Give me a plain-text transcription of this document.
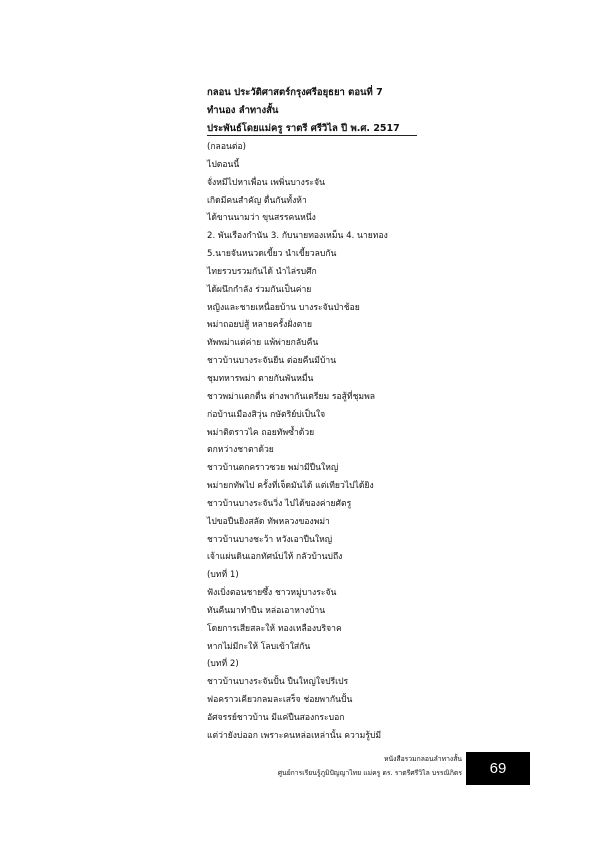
กลอน ประวัติศาสตร์กรุงศรีอยุธยา ตอนที่ 7
ทำนอง ลำทางสั้น
ประพันธ์โดยแม่ครู ราตรี ศรีวิไล ปี พ.ศ. 2517
(กลอนต่อ)
ไปตอนนี้
จั่งหมีไปหาเพื่อน เพพิ่นบางระจัน
เกิดมีคนสำคัญ ตื่นกันทั้งห้า
ได้ขานนามว่า ขุนสรรคนหนึ่ง
2. พันเรืองกำนัน 3. กับนายทองเหม็น 4. นายทอง
5.นายจันหนวดเขี้ยว นำเขี้ยวลบกัน
ไทยรวบรวมกันได้ นำไล่รบศึก
ได้ผนึกกำลัง ร่วมกันเป็นค่าย
หญิงและชายเหนื่อยบ้าน บางระจันป่าช้อย
พม่าถอยบ่สู้ หลายครั้งฝั่งตาย
ทัพพม่าแต่ค่าย แพ้พ่ายกลับคืน
ชาวบ้านบางระจันยืน ต่อยคืนมีบ้าน
ชุมทหารพม่า ตายกันพันหมื่น
ชาวพม่าแตกตื่น ต่างพากันเตรียม รอสู้ที่ชุมพล
ก่อบ้านเมืองสิวุ่น กษัตริย์บ่เป็นใจ
พม่าติดราวไค ถอยทัพซ้ำด้วย
ตกหว่างชาตาด้วย
ชาวบ้านตกคราวซวย พม่ามีปืนใหญ่
พม่ายกทัพไป ครั้งที่เจ็ดมันได้ แต่เทียวไปได้ยิง
ชาวบ้านบางระจันวิ่ง ไปได้ของค่ายศัตรู
ไปขอปืนยิงสลัด ทัพหลวงของพม่า
ชาวบ้านบางชะว้า หวังเอาปืนใหญ่
เจ้าแผ่นดินเอกทัศน์บ่ให้ กลัวบ้านบ่ถึง
(บทที่ 1)
ฟังเบิ่งตอนชายซึ้ง ชาวหมู่บางระจัน
ทันคืนมาทำปืน หล่อเอาหางบ้าน
โดยการเสียสละให้ ทองเหลืองบริจาค
หากไม่มีกะให้ โลบเข้าใส่กัน
(บทที่ 2)
ชาวบ้านบางระจันปั้น ปืนใหญ่ใจปรีเปร
ฟอคราวเคียวกลมละเสร็จ ช่อยพากันปั้น
อัศจรรย์ชาวบ้าน มีแค่ปืนสองกระบอก
แต่ว่ายังบ่ออก เพราะคนหล่อเหล่านั้น ความรู้บ่มี
หนังสือรวมกลอนลำทางสั้น
ศูนย์การเรียนรู้ภูมิปัญญาไทย แม่ครู ดร. ราตรีศรีวิไล บรรณิกิตร 69
